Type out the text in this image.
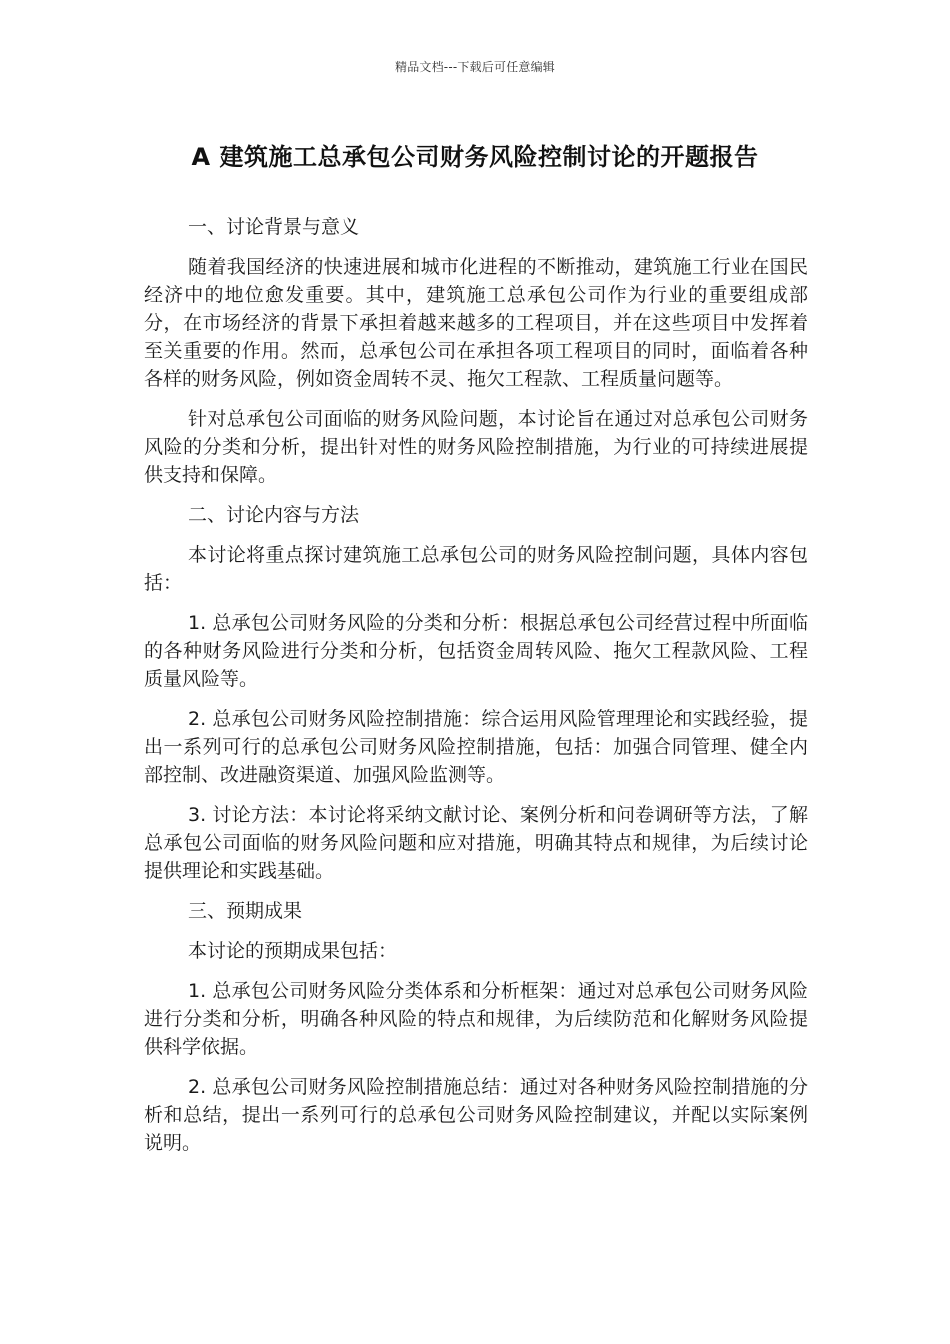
精品文档---下载后可任意编辑
A 建筑施工总承包公司财务风险控制讨论的开题报告

一、讨论背景与意义

随着我国经济的快速进展和城市化进程的不断推动，建筑施工行业在国民经济中的地位愈发重要。其中，建筑施工总承包公司作为行业的重要组成部分，在市场经济的背景下承担着越来越多的工程项目，并在这些项目中发挥着至关重要的作用。然而，总承包公司在承担各项工程项目的同时，面临着各种各样的财务风险，例如资金周转不灵、拖欠工程款、工程质量问题等。

针对总承包公司面临的财务风险问题，本讨论旨在通过对总承包公司财务风险的分类和分析，提出针对性的财务风险控制措施，为行业的可持续进展提供支持和保障。

二、讨论内容与方法

本讨论将重点探讨建筑施工总承包公司的财务风险控制问题，具体内容包括：

1. 总承包公司财务风险的分类和分析：根据总承包公司经营过程中所面临的各种财务风险进行分类和分析，包括资金周转风险、拖欠工程款风险、工程质量风险等。

2. 总承包公司财务风险控制措施：综合运用风险管理理论和实践经验，提出一系列可行的总承包公司财务风险控制措施，包括：加强合同管理、健全内部控制、改进融资渠道、加强风险监测等。

3. 讨论方法：本讨论将采纳文献讨论、案例分析和问卷调研等方法，了解总承包公司面临的财务风险问题和应对措施，明确其特点和规律，为后续讨论提供理论和实践基础。

三、预期成果

本讨论的预期成果包括：

1. 总承包公司财务风险分类体系和分析框架：通过对总承包公司财务风险进行分类和分析，明确各种风险的特点和规律，为后续防范和化解财务风险提供科学依据。

2. 总承包公司财务风险控制措施总结：通过对各种财务风险控制措施的分析和总结，提出一系列可行的总承包公司财务风险控制建议，并配以实际案例说明。
